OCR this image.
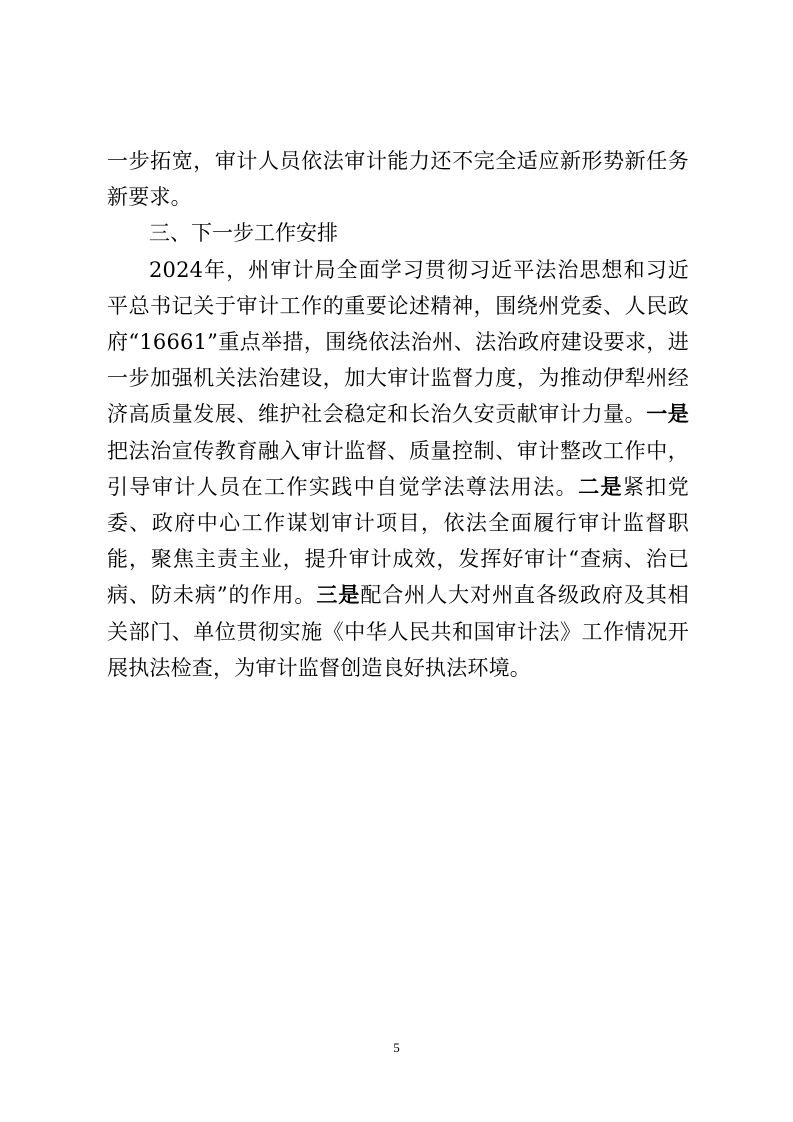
一步拓宽，审计人员依法审计能力还不完全适应新形势新任务新要求。

三、下一步工作安排

2024年，州审计局全面学习贯彻习近平法治思想和习近平总书记关于审计工作的重要论述精神，围绕州党委、人民政府“16661”重点举措，围绕依法治州、法治政府建设要求，进一步加强机关法治建设，加大审计监督力度，为推动伊犁州经济高质量发展、维护社会稳定和长治久安贡献审计力量。一是把法治宣传教育融入审计监督、质量控制、审计整改工作中，引导审计人员在工作实践中自觉学法尊法用法。二是紧扣党委、政府中心工作谋划审计项目，依法全面履行审计监督职能，聚焦主责主业，提升审计成效，发挥好审计“查病、治已病、防未病”的作用。三是配合州人大对州直各级政府及其相关部门、单位贯彻实施《中华人民共和国审计法》工作情况开展执法检查，为审计监督创造良好执法环境。

5
